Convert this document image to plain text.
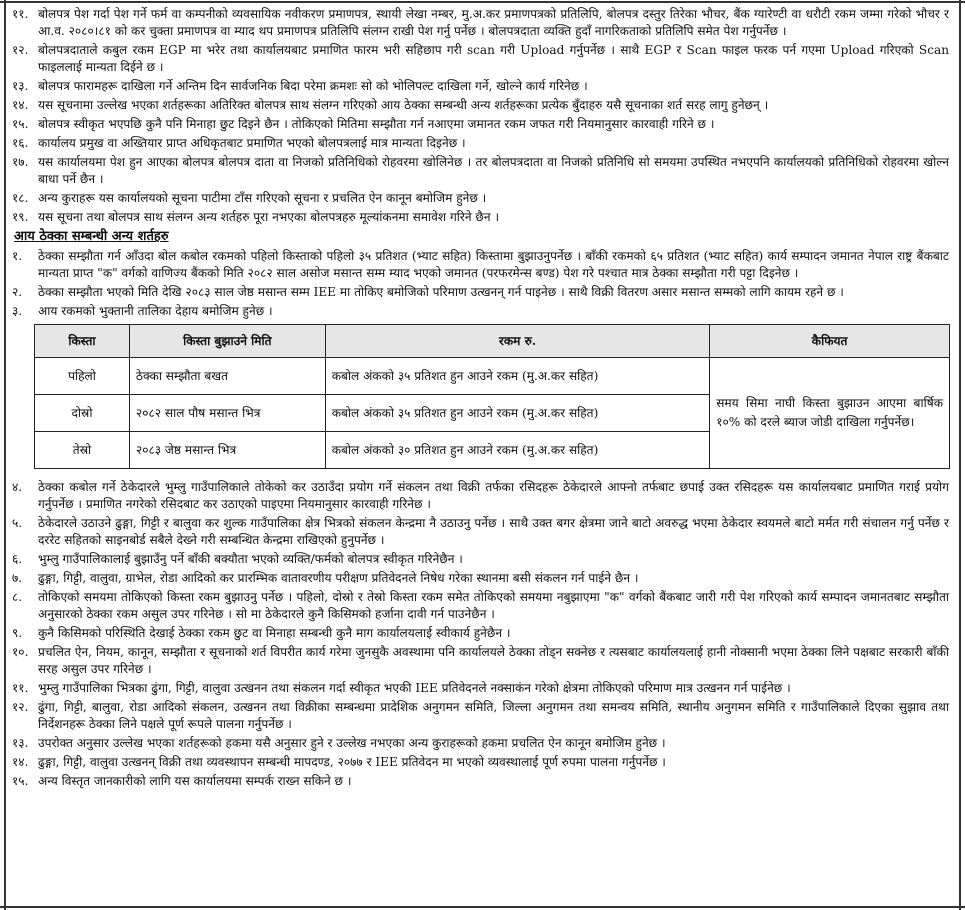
११. बोलपत्र पेश गर्दा पेश गर्ने फर्म वा कम्पनीको व्यवसायिक नवीकरण प्रमाणपत्र, स्थायी लेखा नम्बर, मु.अ.कर प्रमाणपत्रको प्रतिलिपि, बोलपत्र दस्तुर तिरेका भौचर, बैंक ग्यारेण्टी वा धरौटी रकम जम्मा गरेको भौचर र आ.व. २०८०।८१ को कर चुक्ता प्रमाणपत्र वा म्याद थप प्रमाणपत्र प्रतिलिपि संलग्न राखी पेश गर्नु पर्नेछ । बोलपत्रदाता व्यक्ति हुदाँ नागरिकताको प्रतिलिपि समेत पेश गर्नुपर्नेछ ।
१२. बोलपत्रदाताले कबुल रकम EGP मा भरेर तथा कार्यालयबाट प्रमाणित फारम भरी सहिछाप गरी scan गरी Upload गर्नुपर्नेछ । साथै EGP र Scan फाइल फरक पर्न गएमा Upload गरिएको Scan फाइललाई मान्यता दिईने छ ।
१३. बोलपत्र फारामहरू दाखिला गर्ने अन्तिम दिन सार्वजनिक बिदा परेमा क्रमशः सो को भोलिपल्ट दाखिला गर्ने, खोल्ने कार्य गरिनेछ ।
१४. यस सूचनामा उल्लेख भएका शर्तहरूका अतिरिक्त बोलपत्र साथ संलग्न गरिएको आय ठेक्का सम्बन्धी अन्य शर्तहरूका प्रत्येक बुँदाहरु यसै सूचनाका शर्त सरह लागु हुनेछन् ।
१५. बोलपत्र स्वीकृत भएपछि कुनै पनि मिनाहा छुट दिइने छैन । तोकिएको मितिमा सम्झौता गर्न नआएमा जमानत रकम जफत गरी नियमानुसार कारवाही गरिने छ ।
१६. कार्यालय प्रमुख वा अख्तियार प्राप्त अधिकृतबाट प्रमाणित भएको बोलपत्रलाई मात्र मान्यता दिइनेछ ।
१७. यस कार्यालयमा पेश हुन आएका बोलपत्र बोलपत्र दाता वा निजको प्रतिनिधिको रोहवरमा खोलिनेछ । तर बोलपत्रदाता वा निजको प्रतिनिधि सो समयमा उपस्थित नभएपनि कार्यालयको प्रतिनिधिको रोहवरमा खोल्न बाधा पर्ने छैन ।
१८. अन्य कुराहरू यस कार्यालयको सूचना पाटीमा टाँस गरिएको सूचना र प्रचलित ऐन कानून बमोजिम हुनेछ ।
१९. यस सूचना तथा बोलपत्र साथ संलग्न अन्य शर्तहरु पूरा नभएका बोलपत्रहरु मूल्यांकनमा समावेश गरिने छैन ।
आय ठेक्का सम्बन्धी अन्य शर्तहरु
१.	ठेक्का सम्झौता गर्न आँउदा बोल कबोल रकमको पहिलो किस्ताको पहिलो ३५ प्रतिशत (भ्याट सहित) किस्तामा बुझाउनुपर्नेछ । बाँकी रकमको ६५ प्रतिशत (भ्याट सहित) कार्य सम्पादन जमानत नेपाल राष्ट्र बैंकबाट मान्यता प्राप्त "क" वर्गको वाणिज्य बैंकको मिति २०८२ साल असोज मसान्त सम्म म्याद भएको जमानत (परफरमेन्स बण्ड) पेश गरे पश्चात मात्र ठेक्का सम्झौता गरी पट्टा दिइनेछ ।
२.	ठेक्का सम्झौता भएको मिति देखि २०८३ साल जेष्ठ मसान्त सम्म IEE मा तोकिए बमोजिको परिमाण उत्खनन् गर्न पाइनेछ । साथै विक्री वितरण असार मसान्त सम्मको लागि कायम रहने छ ।
३.	आय रकमको भुक्तानी तालिका देहाय बमोजिम हुनेछ ।
किस्ता	किस्ता बुझाउने मिति	रकम रु.	कैफियत
पहिलो	ठेक्का सम्झौता बखत	कबोल अंकको ३५ प्रतिशत हुन आउने रकम (मु.अ.कर सहित)	समय सिमा नाघी किस्ता बुझाउन आएमा बार्षिक १०% को दरले ब्याज जोडी दाखिला गर्नुपर्नेछ।
दोस्रो	२०८२ साल पौष मसान्त भित्र	कबोल अंकको ३५ प्रतिशत हुन आउने रकम (मु.अ.कर सहित)	
तेस्रो	२०८३ जेष्ठ मसान्त भित्र	कबोल अंकको ३० प्रतिशत हुन आउने रकम (मु.अ.कर सहित)	
४.	ठेक्का कबोल गर्ने ठेकेदारले भुम्लु गाउँपालिकाले तोकेको कर उठाउँदा प्रयोग गर्ने संकलन तथा विक्री तर्फका रसिदहरू ठेकेदारले आफ्नो तर्फबाट छपाई उक्त रसिदहरू यस कार्यालयबाट प्रमाणित गराई प्रयोग गर्नुपर्नेछ । प्रमाणित नगरेको रसिदबाट कर उठाएको पाइएमा नियमानुसार कारवाही गरिनेछ ।
५.	ठेकेदारले उठाउने ढुङ्गा, गिट्टी र बालुवा कर शुल्क गाउँपालिका क्षेत्र भित्रको संकलन केन्द्रमा नै उठाउनु पर्नेछ । साथै उक्त बगर क्षेत्रमा जाने बाटो अवरुद्ध भएमा ठेकेदार स्वयमले बाटो मर्मत गरी संचालन गर्नु पर्नेछ र दररेट सहितको साइनबोर्ड सबैले देख्ने गरी सम्बन्धित केन्द्रमा राखिएको हुनुपर्नेछ ।
६.	भुम्लु गाउँपालिकालाई बुझाउँनु पर्ने बाँकी बक्यौता भएको व्यक्ति/फर्मको बोलपत्र स्वीकृत गरिनेछैन ।
७.	ढुङ्गा, गिट्टी, वालुवा, ग्राभेल, रोडा आदिको कर प्रारम्भिक वातावरणीय परीक्षण प्रतिवेदनले निषेध गरेका स्थानमा बसी संकलन गर्न पाईने छैन ।
८.	तोकिएको समयमा तोकिएको किस्ता रकम बुझाउनु पर्नेछ । पहिलो, दोस्रो र तेस्रो किस्ता रकम समेत तोकिएको समयमा नबुझाएमा "क" वर्गको बैंकबाट जारी गरी पेश गरिएको कार्य सम्पादन जमानतबाट सम्झौता अनुसारको ठेक्का रकम असुल उपर गरिनेछ । सो मा ठेकेदारले कुनै किसिमको हर्जाना दावी गर्न पाउनेछैन ।
९.	कुनै किसिमको परिस्थिति देखाई ठेक्का रकम छुट वा मिनाहा सम्बन्धी कुनै माग कार्यालयलाई स्वीकार्य हुनेछैन ।
१०. प्रचलित ऐन, नियम, कानून, सम्झौता र सूचनाको शर्त विपरीत कार्य गरेमा जुनसुकै अवस्थामा पनि कार्यालयले ठेक्का तोड्न सक्नेछ र त्यसबाट कार्यालयलाई हानी नोक्सानी भएमा ठेक्का लिने पक्षबाट सरकारी बाँकी सरह असुल उपर गरिनेछ ।
११. भुम्लु गाउँपालिका भित्रका ढुंगा, गिट्टी, वालुवा उत्खनन तथा संकलन गर्दा स्वीकृत भएकी IEE प्रतिवेदनले नक्साकंन गरेको क्षेत्रमा तोकिएको परिमाण मात्र उत्खनन गर्न पाईनेछ ।
१२. ढुंगा, गिट्टी, बालुवा, रोडा आदिको संकलन, उत्खनन तथा विक्रीका सम्बन्धमा प्रादेशिक अनुगमन समिति, जिल्ला अनुगमन तथा समन्वय समिति, स्थानीय अनुगमन समिति र गाउँपालिकाले दिएका सुझाव तथा निर्देशनहरू ठेक्का लिने पक्षले पूर्ण रूपले पालना गर्नुपर्नेछ ।
१३. उपरोक्त अनुसार उल्लेख भएका शर्तहरूको हकमा यसै अनुसार हुने र उल्लेख नभएका अन्य कुराहरूको हकमा प्रचलित ऐन कानून बमोजिम हुनेछ ।
१४. ढुङ्गा, गिट्टी, वालुवा उत्खनन् विक्री तथा व्यवस्थापन सम्बन्धी मापदण्ड, २०७७ र IEE प्रतिवेदन मा भएको व्यवस्थालाई पूर्ण रुपमा पालना गर्नुपर्नेछ ।
१५. अन्य विस्तृत जानकारीको लागि यस कार्यालयमा सम्पर्क राख्न सकिने छ ।
